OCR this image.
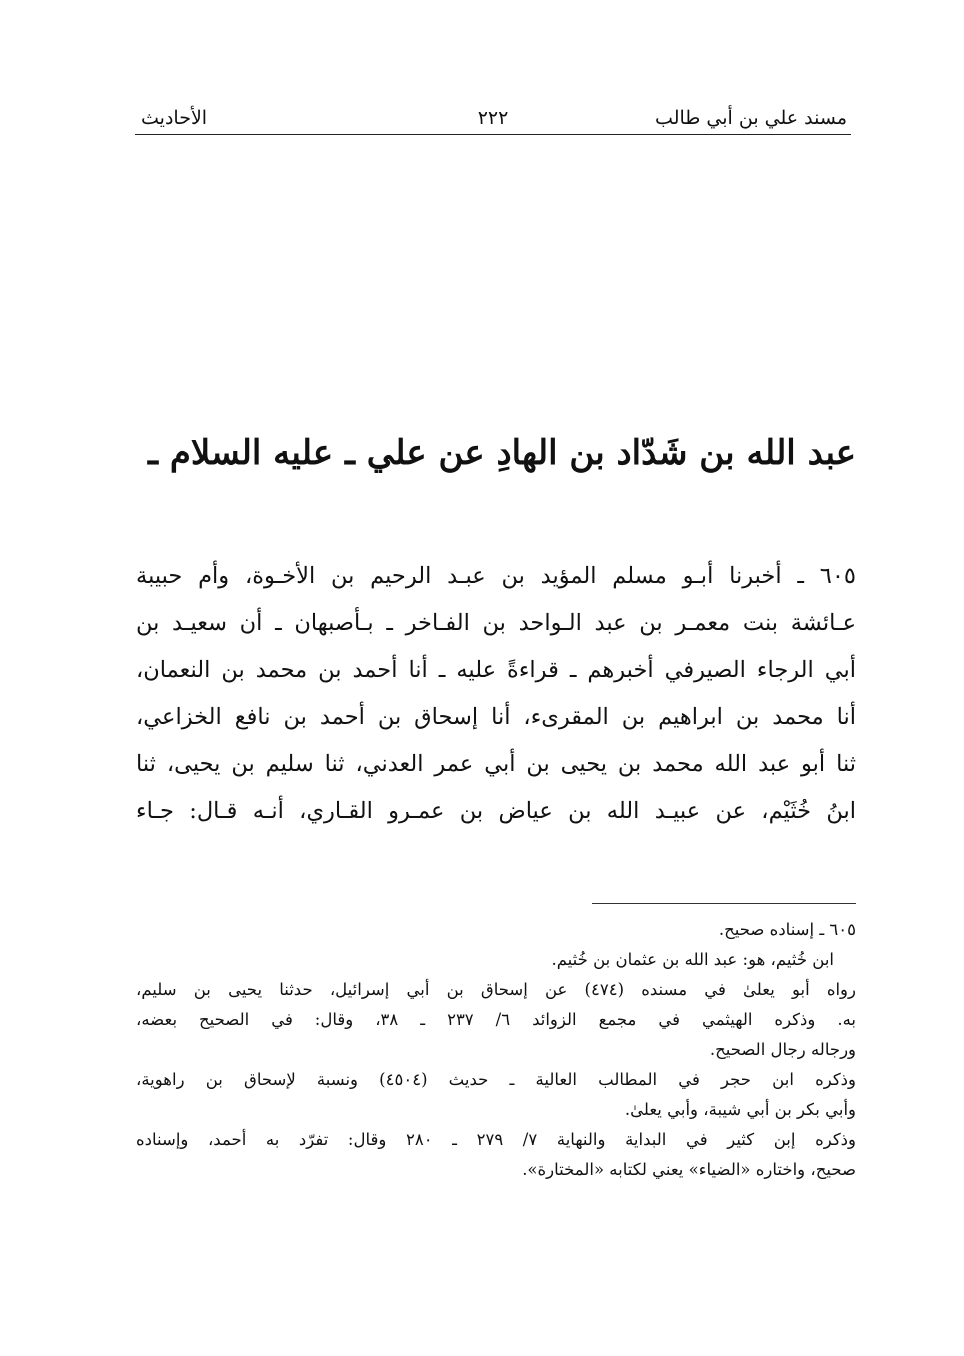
مسند علي بن أبي طالب
٢٢٢
الأحاديث
عبد الله بن شَدّاد بن الهادِ عن علي ـ عليه السلام ـ
٦٠٥ ـ أخبرنا أبـو مسلم المؤيد بن عبـد الرحيم بن الأخـوة، وأم حبيبة
عـائشة بنت معمـر بن عبد الـواحد بن الفـاخر ـ بـأصبهان ـ أن سعيـد بن
أبي الرجاء الصيرفي أخبرهم ـ قراءةً عليه ـ أنا أحمد بن محمد بن النعمان،
أنا محمد بن ابراهيم بن المقرىء، أنا إسحاق بن أحمد بن نافع الخزاعي،
ثنا أبو عبد الله محمد بن يحيى بن أبي عمر العدني، ثنا سليم بن يحيى، ثنا
ابنُ خُثَيْم، عن عبيـد الله بن عياض بن عمـرو القـاري، أنـه قـال: جـاء
٦٠٥ ـ إسناده صحيح.
ابن خُثيم، هو: عبد الله بن عثمان بن خُثيم.
رواه أبو يعلىٰ في مسنده (٤٧٤) عن إسحاق بن أبي إسرائيل، حدثنا يحيى بن سليم،
به. وذكره الهيثمي في مجمع الزوائد ٦/ ٢٣٧ ـ ٣٨، وقال: في الصحيح بعضه،
ورجاله رجال الصحيح.
وذكره ابن حجر في المطالب العالية ـ حديث (٤٥٠٤) ونسبة لإسحاق بن راهوية،
وأبي بكر بن أبي شيبة، وأبي يعلىٰ.
وذكره إبن كثير في البداية والنهاية ٧/ ٢٧٩ ـ ٢٨٠ وقال: تفرّد به أحمد، وإسناده
صحيح، واختاره «الضياء» يعني لكتابه «المختارة».
